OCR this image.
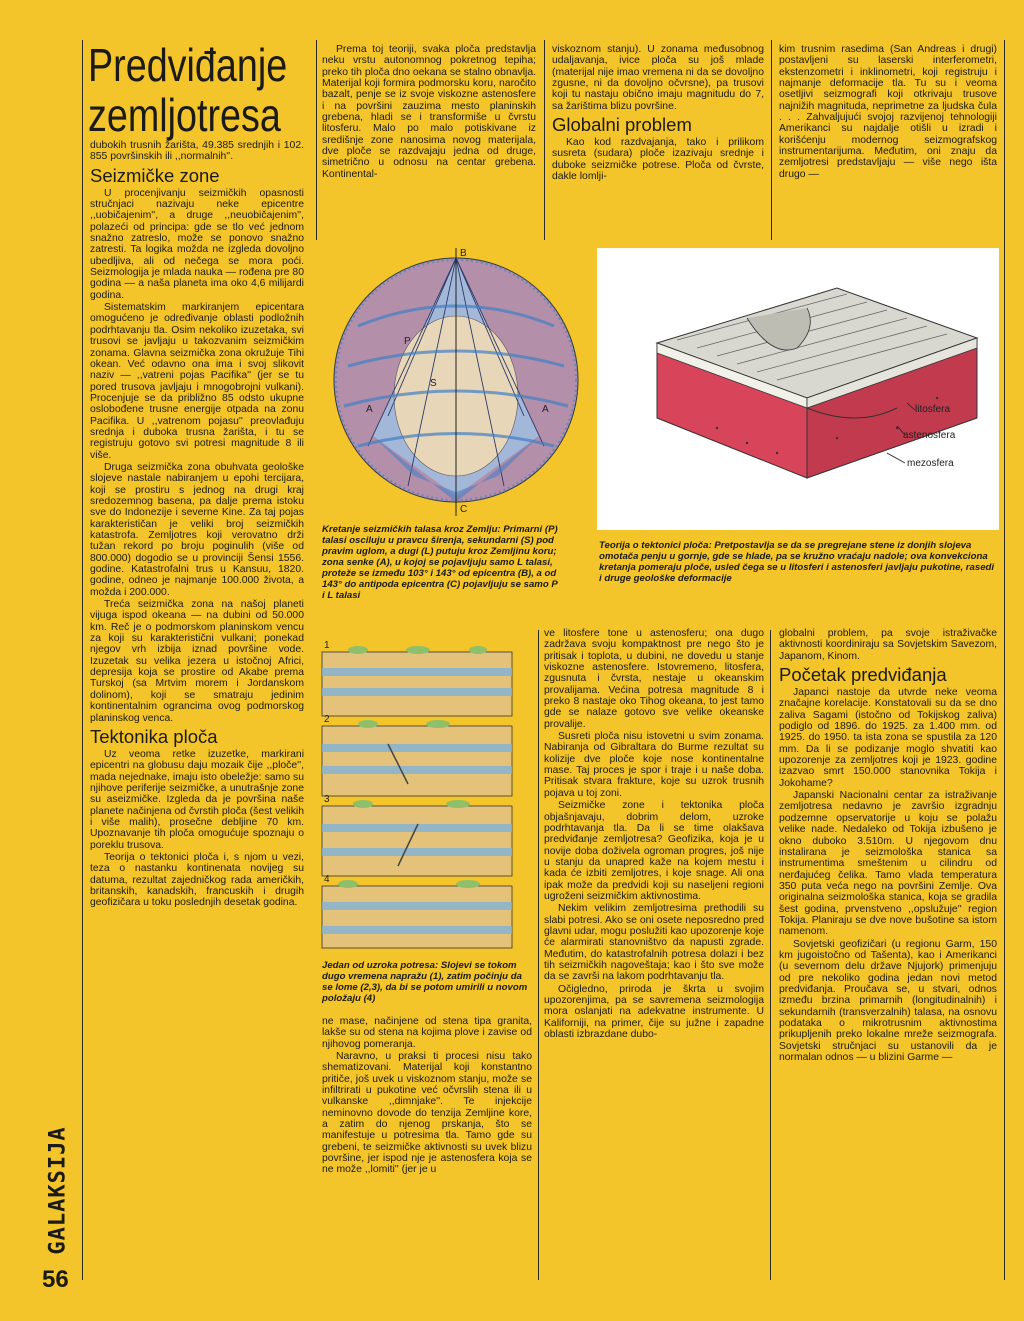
Predviđanje
zemljotresa

dubokih trusnih žarišta, 49.385 srednjih i 102. 855 površinskih ili ,,normalnih''.

Seizmičke zone

U procenjivanju seizmičkih opasnosti stručnjaci nazivaju neke epicentre ,,uobičajenim'', a druge ,,neuobičajenim'', polazeći od principa: gde se tlo već jednom snažno zatreslo, može se ponovo snažno zatresti. Ta logika možda ne izgleda dovoljno ubedljiva, ali od nečega se mora poći. Seizmologija je mlada nauka — rođena pre 80 godina — a naša planeta ima oko 4,6 milijardi godina.

Sistematskim markiranjem epicentara omogućeno je određivanje oblasti podložnih podrhtavanju tla. Osim nekoliko izuzetaka, svi trusovi se javljaju u takozvanim seizmičkim zonama. Glavna seizmička zona okružuje Tihi okean. Već odavno ona ima i svoj slikovit naziv — ,,vatreni pojas Pacifika'' (jer se tu pored trusova javljaju i mnogobrojni vulkani). Procenjuje se da približno 85 odsto ukupne oslobođene trusne energije otpada na zonu Pacifika. U ,,vatrenom pojasu'' preovlađuju srednja i duboka trusna žarišta, i tu se registruju gotovo svi potresi magnitude 8 ili više.

Druga seizmička zona obuhvata geološke slojeve nastale nabiranjem u epohi tercijara, koji se prostiru s jednog na drugi kraj sredozemnog basena, pa dalje prema istoku sve do Indonezije i severne Kine. Za taj pojas karakterističan je veliki broj seizmičkih katastrofa. Zemljotres koji verovatno drži tužan rekord po broju poginulih (više od 800.000) dogodio se u provinciji Šensi 1556. godine. Katastrofalni trus u Kansuu, 1820. godine, odneo je najmanje 100.000 života, a možda i 200.000.

Treća seizmička zona na našoj planeti vijuga ispod okeana — na dubini od 50.000 km. Reč je o podmorskom planinskom vencu za koji su karakteristični vulkani; ponekad njegov vrh izbija iznad površine vode. Izuzetak su velika jezera u istočnoj Africi, depresija koja se prostire od Akabe prema Turskoj (sa Mrtvim morem i Jordanskom dolinom), koji se smatraju jedinim kontinentalnim ograncima ovog podmorskog planinskog venca.

Tektonika ploča

Uz veoma retke izuzetke, markirani epicentri na globusu daju mozaik čije ,,ploče'', mada nejednake, imaju isto obeležje: samo su njihove periferije seizmičke, a unutrašnje zone su aseizmičke. Izgleda da je površina naše planete načinjena od čvrstih ploča (šest velikih i više malih), prosečne debljine 70 km. Upoznavanje tih ploča omogućuje spoznaju o poreklu trusova.

Teorija o tektonici ploča i, s njom u vezi, teza o nastanku kontinenata novijeg su datuma, rezultat zajedničkog rada američkih, britanskih, kanadskih, francuskih i drugih geofizičara u toku poslednjih desetak godina.

Prema toj teoriji, svaka ploča predstavlja neku vrstu autonomnog pokretnog tepiha; preko tih ploča dno oekana se stalno obnavlja. Materijal koji formira podmorsku koru, naročito bazalt, penje se iz svoje viskozne astenosfere i na površini zauzima mesto planinskih grebena, hladi se i transformiše u čvrstu litosferu. Malo po malo potiskivane iz središnje zone nanosima novog materijala, dve ploče se razdvajaju jedna od druge, simetrično u odnosu na centar grebena. Kontinental-

viskoznom stanju). U zonama međusobnog udaljavanja, ivice ploča su još mlade (materijal nije imao vremena ni da se dovoljno zgusne, ni da dovoljno očvrsne), pa trusovi koji tu nastaju obično imaju magnitudu do 7, sa žarištima blizu površine.

Globalni problem

Kao kod razdvajanja, tako i prilikom susreta (sudara) ploče izazivaju srednje i duboke seizmičke potrese. Ploča od čvrste, dakle lomlji-

kim trusnim rasedima (San Andreas i drugi) postavljeni su laserski interferometri, ekstenzometri i inklinometri, koji registruju i najmanje deformacije tla. Tu su i veoma osetljivi seizmografi koji otkrivaju trusove najnižih magnituda, neprimetne za ljudska čula . . . Zahvaljujući svojoj razvijenoj tehnologiji Amerikanci su najdalje otišli u izradi i korišćenju modernog seizmografskog instrumentarijuma. Međutim, oni znaju da zemljotresi predstavljaju — više nego išta drugo —

P
S
A	A
B
C
Kretanje seizmičkih talasa kroz Zemlju: Primarni (P) talasi osciluju u pravcu širenja, sekundarni (S) pod pravim uglom, a dugi (L) putuju kroz Zemljinu koru; zona senke (A), u kojoj se pojavljuju samo L talasi, proteže se između 103° i 143° od epicentra (B), a od 143° do antipoda epicentra (C) pojavljuju se samo P i L talasi
litosfera
astenosfera
mezosfera
Teorija o tektonici ploča: Pretpostavlja se da se pregrejane stene iz donjih slojeva omotača penju u gornje, gde se hlade, pa se kružno vraćaju nadole; ova konvekciona kretanja pomeraju ploče, usled čega se u litosferi i astenosferi javljaju pukotine, rasedi i druge geološke deformacije
1
2
3
4
Jedan od uzroka potresa: Slojevi se tokom dugo vremena napražu (1), zatim počinju da se lome (2,3), da bi se potom umirili u novom položaju (4)

ne mase, načinjene od stena tipa granita, lakše su od stena na kojima plove i zavise od njihovog pomeranja.

Naravno, u praksi ti procesi nisu tako shematizovani. Materijal koji konstantno pritiče, još uvek u viskoznom stanju, može se infiltrirati u pukotine već očvrslih stena ili u vulkanske ,,dimnjake''. Te injekcije neminovno dovode do tenzija Zemljine kore, a zatim do njenog prskanja, što se manifestuje u potresima tla. Tamo gde su grebeni, te seizmičke aktivnosti su uvek blizu površine, jer ispod nje je astenosfera koja se ne može ,,lomiti'' (jer je u

ve litosfere tone u astenosferu; ona dugo zadržava svoju kompaktnost pre nego što je pritisak i toplota, u dubini, ne dovedu u stanje viskozne astenosfere. Istovremeno, litosfera, zgusnuta i čvrsta, nestaje u okeanskim provalijama. Većina potresa magnitude 8 i preko 8 nastaje oko Tihog okeana, to jest tamo gde se nalaze gotovo sve velike okeanske provalije.

Susreti ploča nisu istovetni u svim zonama. Nabiranja od Gibraltara do Burme rezultat su kolizije dve ploče koje nose kontinentalne mase. Taj proces je spor i traje i u naše doba. Pritisak stvara frakture, koje su uzrok trusnih pojava u toj zoni.

Seizmičke zone i tektonika ploča objašnjavaju, dobrim delom, uzroke podrhtavanja tla. Da li se time olakšava predviđanje zemljotresa? Geofizika, koja je u novije doba doživela ogroman progres, još nije u stanju da unapred kaže na kojem mestu i kada će izbiti zemljotres, i koje snage. Ali ona ipak može da predvidi koji su naseljeni regioni ugroženi seizmičkim aktivnostima.

Nekim velikim zemljotresima prethodili su slabi potresi. Ako se oni osete neposredno pred glavni udar, mogu poslužiti kao upozorenje koje će alarmirati stanovništvo da napusti zgrade. Međutim, do katastrofalnih potresa dolazi i bez tih seizmičkih nagoveštaja; kao i što sve može da se završi na lakom podrhtavanju tla.

Očigledno, priroda je škrta u svojim upozorenjima, pa se savremena seizmologija mora oslanjati na adekvatne instrumente. U Kaliforniji, na primer, čije su južne i zapadne oblasti izbrazdane dubo-

globalni problem, pa svoje istraživačke aktivnosti koordiniraju sa Sovjetskim Savezom, Japanom, Kinom.

Početak predviđanja

Japanci nastoje da utvrde neke veoma značajne korelacije. Konstatovali su da se dno zaliva Sagami (istočno od Tokijskog zaliva) podiglo od 1896. do 1925. za 1.400 mm. od 1925. do 1950. ta ista zona se spustila za 120 mm. Da li se podizanje moglo shvatiti kao upozorenje za zemljotres koji je 1923. godine izazvao smrt 150.000 stanovnika Tokija i Jokohame?

Japanski Nacionalni centar za istraživanje zemljotresa nedavno je završio izgradnju podzemne opservatorije u koju se polažu velike nade. Nedaleko od Tokija izbušeno je okno duboko 3.510m. U njegovom dnu instalirana je seizmološka stanica sa instrumentima smeštenim u cilindru od nerđajućeg čelika. Tamo vlada temperatura 350 puta veća nego na površini Zemlje. Ova originalna seizmološka stanica, koja se gradila šest godina, prvenstveno ,,opslužuje'' region Tokija. Planiraju se dve nove bušotine sa istom namenom.

Sovjetski geofizičari (u regionu Garm, 150 km jugoistočno od Tašenta), kao i Amerikanci (u severnom delu države Njujork) primenjuju od pre nekoliko godina jedan novi metod predviđanja. Proučava se, u stvari, odnos između brzina primarnih (longitudinalnih) i sekundarnih (transverzalnih) talasa, na osnovu podataka o mikrotrusnim aktivnostima prikupljenih preko lokalne mreže seizmografa. Sovjetski stručnjaci su ustanovili da je normalan odnos — u blizini Garme —

GALAKSIJA
56
